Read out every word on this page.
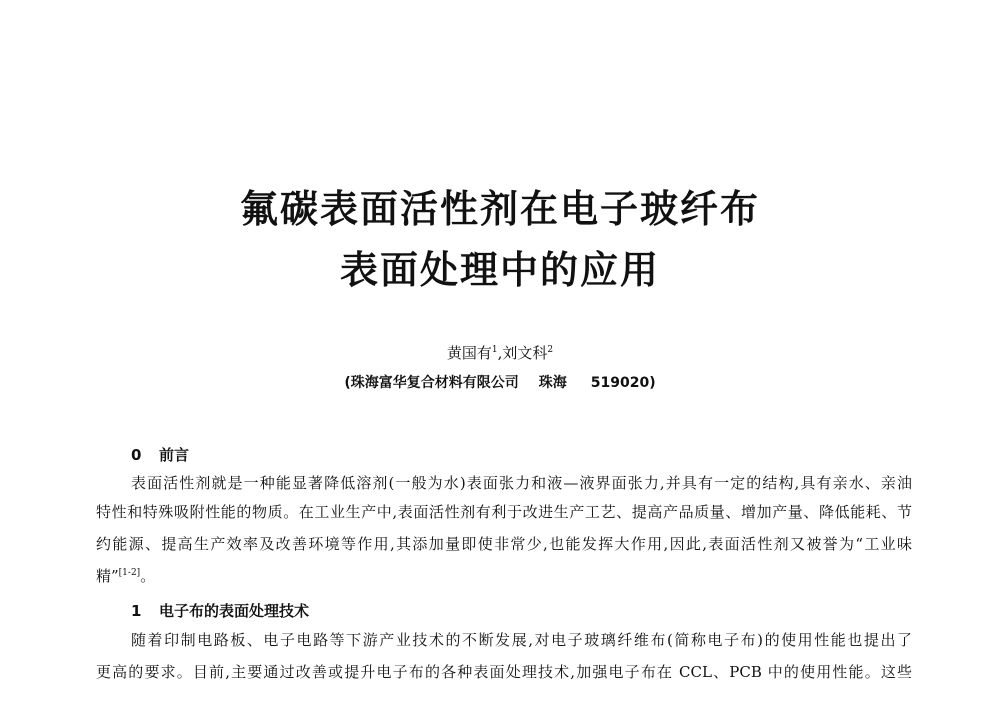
氟碳表面活性剂在电子玻纤布
表面处理中的应用
黄国有$^1$,刘文科$^2$
(珠海富华复合材料有限公司 珠海 519020)
0 前言
表面活性剂就是一种能显著降低溶剂(一般为水)表面张力和液—液界面张力,并具有一定的结构,具有亲水、亲油
特性和特殊吸附性能的物质。在工业生产中,表面活性剂有利于改进生产工艺、提高产品质量、增加产量、降低能耗、节
约能源、提高生产效率及改善环境等作用,其添加量即使非常少,也能发挥大作用,因此,表面活性剂又被誉为“工业味
精”[1-2]。
1 电子布的表面处理技术
随着印制电路板、电子电路等下游产业技术的不断发展,对电子玻璃纤维布(简称电子布)的使用性能也提出了
更高的要求。目前,主要通过改善或提升电子布的各种表面处理技术,加强电子布在 CCL、PCB 中的使用性能。这些
